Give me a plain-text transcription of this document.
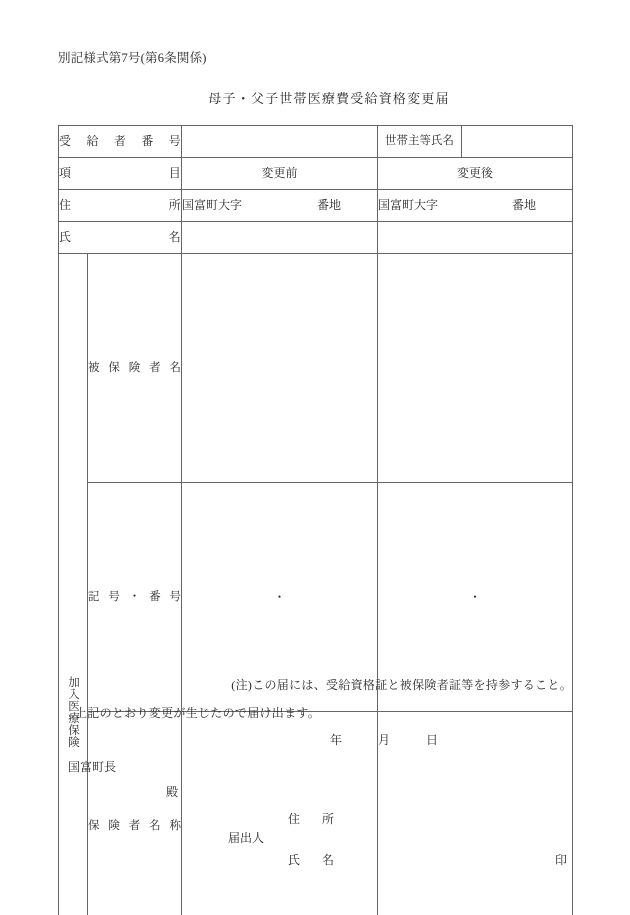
別記様式第7号(第6条関係)
母子・父子世帯医療費受給資格変更届
受給者番号			世帯主等氏名	
項目		変更前	変更後	
住所		国富町大字 番地	国富町大字 番地	

氏名				

加入医療保険	被保険者名			
	記号・番号	・	・	
	保険者名称			

(注)この届には、受給資格証と被保険者証等を持参すること。
上記のとおり変更が生じたので届け出ます。
年	月	日
国富町長
殿
住　所
届出人
氏　名	印
